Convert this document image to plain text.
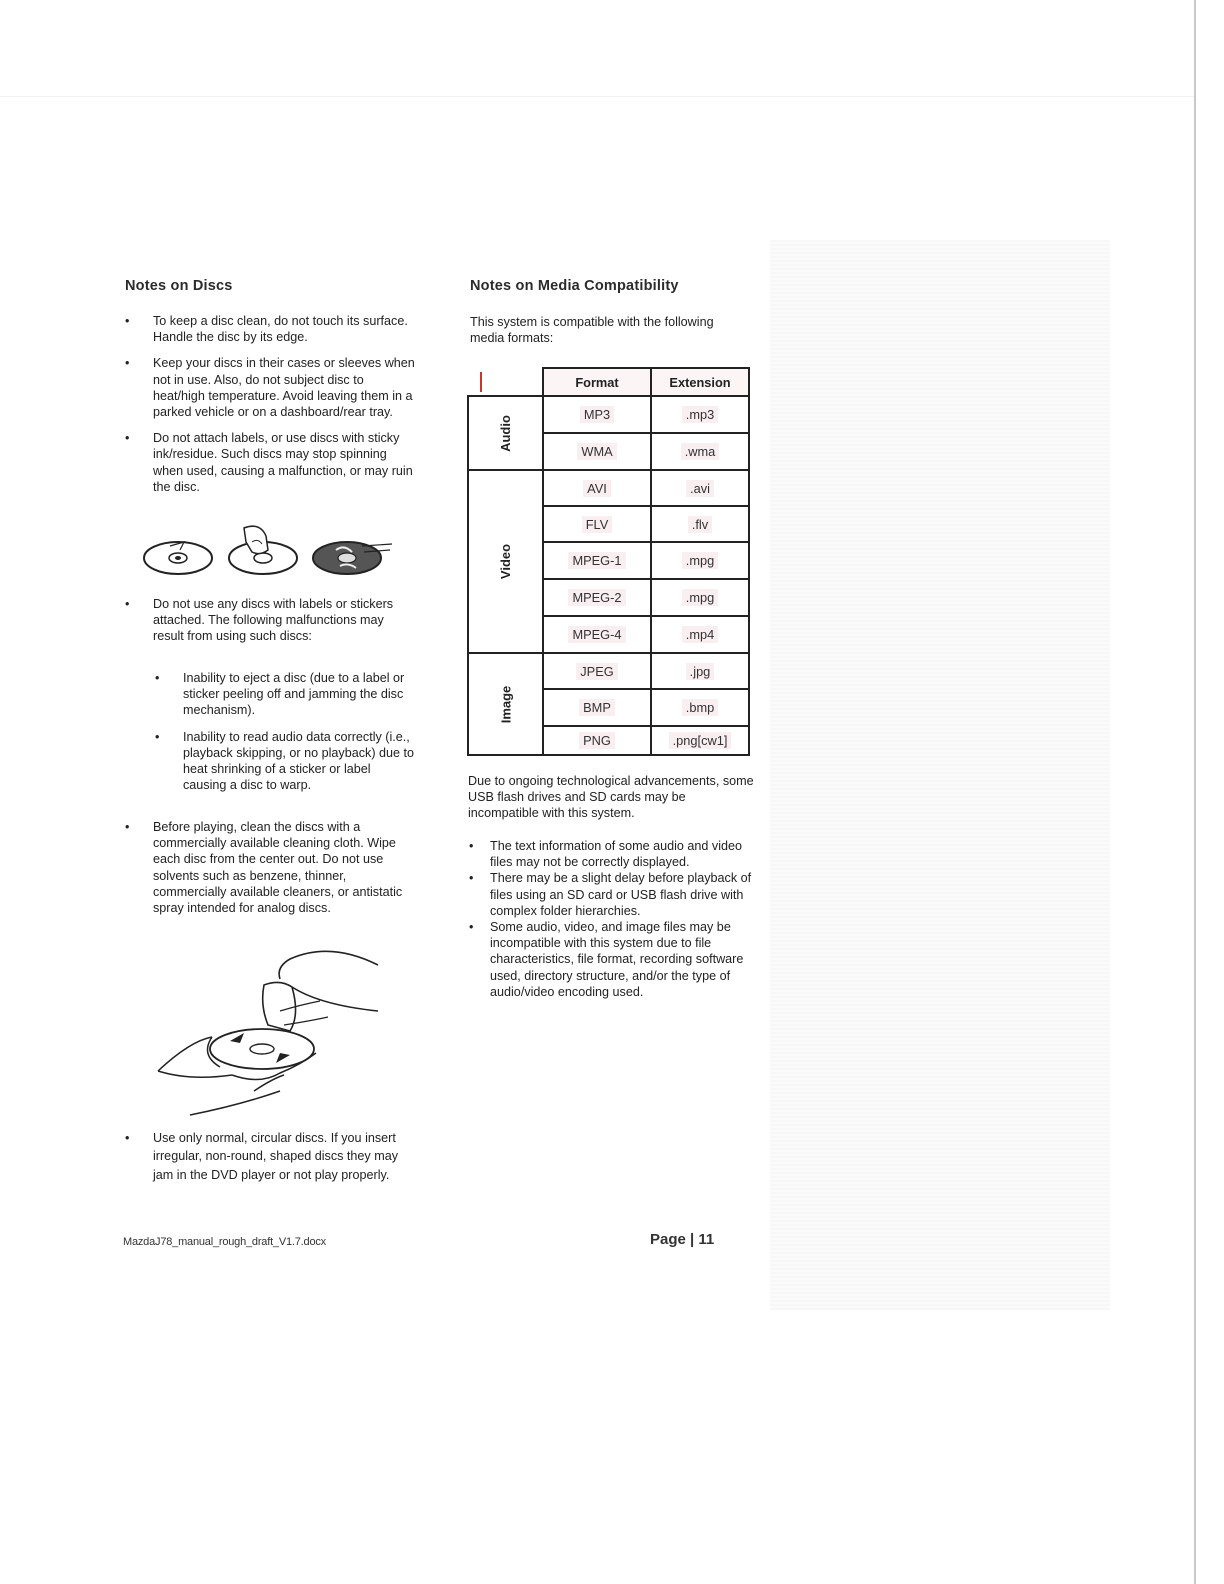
Notes on Discs
• To keep a disc clean, do not touch its surface. Handle the disc by its edge.
• Keep your discs in their cases or sleeves when not in use. Also, do not subject disc to heat/high temperature. Avoid leaving them in a parked vehicle or on a dashboard/rear tray.
• Do not attach labels, or use discs with sticky ink/residue. Such discs may stop spinning when used, causing a malfunction, or may ruin the disc.
• Do not use any discs with labels or stickers attached. The following malfunctions may result from using such discs:
• Inability to eject a disc (due to a label or sticker peeling off and jamming the disc mechanism).
• Inability to read audio data correctly (i.e., playback skipping, or no playback) due to heat shrinking of a sticker or label causing a disc to warp.
• Before playing, clean the discs with a commercially available cleaning cloth. Wipe each disc from the center out. Do not use solvents such as benzene, thinner, commercially available cleaners, or antistatic spray intended for analog discs.
• Use only normal, circular discs. If you insert irregular, non-round, shaped discs they may jam in the DVD player or not play properly.
Notes on Media Compatibility
This system is compatible with the following media formats:
	Format	Extension
Audio	MP3	.mp3
	WMA	.wma
Video	AVI	.avi
	FLV	.flv
	MPEG-1	.mpg
	MPEG-2	.mpg
	MPEG-4	.mp4
Image	JPEG	.jpg
	BMP	.bmp
	PNG	.png[cw1]
Due to ongoing technological advancements, some USB flash drives and SD cards may be incompatible with this system.
• The text information of some audio and video files may not be correctly displayed.
• There may be a slight delay before playback of files using an SD card or USB flash drive with complex folder hierarchies.
• Some audio, video, and image files may be incompatible with this system due to file characteristics, file format, recording software used, directory structure, and/or the type of audio/video encoding used.
MazdaJ78_manual_rough_draft_V1.7.docx	Page | 11
